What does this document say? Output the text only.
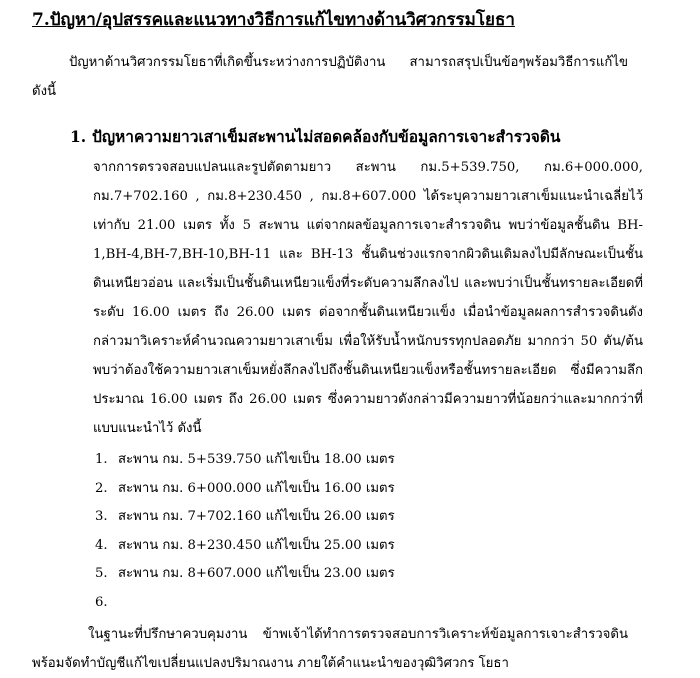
7.ปัญหา/อุปสรรคและแนวทางวิธีการแก้ไขทางด้านวิศวกรรมโยธา

ปัญหาด้านวิศวกรรมโยธาที่เกิดขึ้นระหว่างการปฏิบัติงาน สามารถสรุปเป็นข้อๆพร้อมวิธีการแก้ไข ดังนี้

1. ปัญหาความยาวเสาเข็มสะพานไม่สอดคล้องกับข้อมูลการเจาะสำรวจดิน

จากการตรวจสอบแปลนและรูปตัดตามยาว สะพาน กม.5+539.750, กม.6+000.000, กม.7+702.160 , กม.8+230.450 , กม.8+607.000 ได้ระบุความยาวเสาเข็มแนะนำเฉลี่ยไว้เท่ากับ 21.00 เมตร ทั้ง 5 สะพาน แต่จากผลข้อมูลการเจาะสำรวจดิน พบว่าข้อมูลชั้นดิน BH-1,BH-4,BH-7,BH-10,BH-11 และ BH-13 ชั้นดินช่วงแรกจากผิวดินเดิมลงไปมีลักษณะเป็นชั้นดินเหนียวอ่อน และเริ่มเป็นชั้นดินเหนียวแข็งที่ระดับความลึกลงไป และพบว่าเป็นชั้นทรายละเอียดที่ระดับ 16.00 เมตร ถึง 26.00 เมตร ต่อจากชั้นดินเหนียวแข็ง เมื่อนำข้อมูลผลการสำรวจดินดังกล่าวมาวิเคราะห์คำนวณความยาวเสาเข็ม เพื่อให้รับน้ำหนักบรรทุกปลอดภัย มากกว่า 50 ตัน/ต้น พบว่าต้องใช้ความยาวเสาเข็มหยั่งลึกลงไปถึงชั้นดินเหนียวแข็งหรือชั้นทรายละเอียด ซึ่งมีความลึกประมาณ 16.00 เมตร ถึง 26.00 เมตร ซึ่งความยาวดังกล่าวมีความยาวที่น้อยกว่าและมากกว่าที่แบบแนะนำไว้ ดังนี้

1. สะพาน กม. 5+539.750 แก้ไขเป็น 18.00 เมตร
2. สะพาน กม. 6+000.000 แก้ไขเป็น 16.00 เมตร
3. สะพาน กม. 7+702.160 แก้ไขเป็น 26.00 เมตร
4. สะพาน กม. 8+230.450 แก้ไขเป็น 25.00 เมตร
5. สะพาน กม. 8+607.000 แก้ไขเป็น 23.00 เมตร
6.

ในฐานะที่ปรึกษาควบคุมงาน ข้าพเจ้าได้ทำการตรวจสอบการวิเคราะห์ข้อมูลการเจาะสำรวจดิน พร้อมจัดทำบัญชีแก้ไขเปลี่ยนแปลงปริมาณงาน ภายใต้คำแนะนำของวุฒิวิศวกร โยธา
